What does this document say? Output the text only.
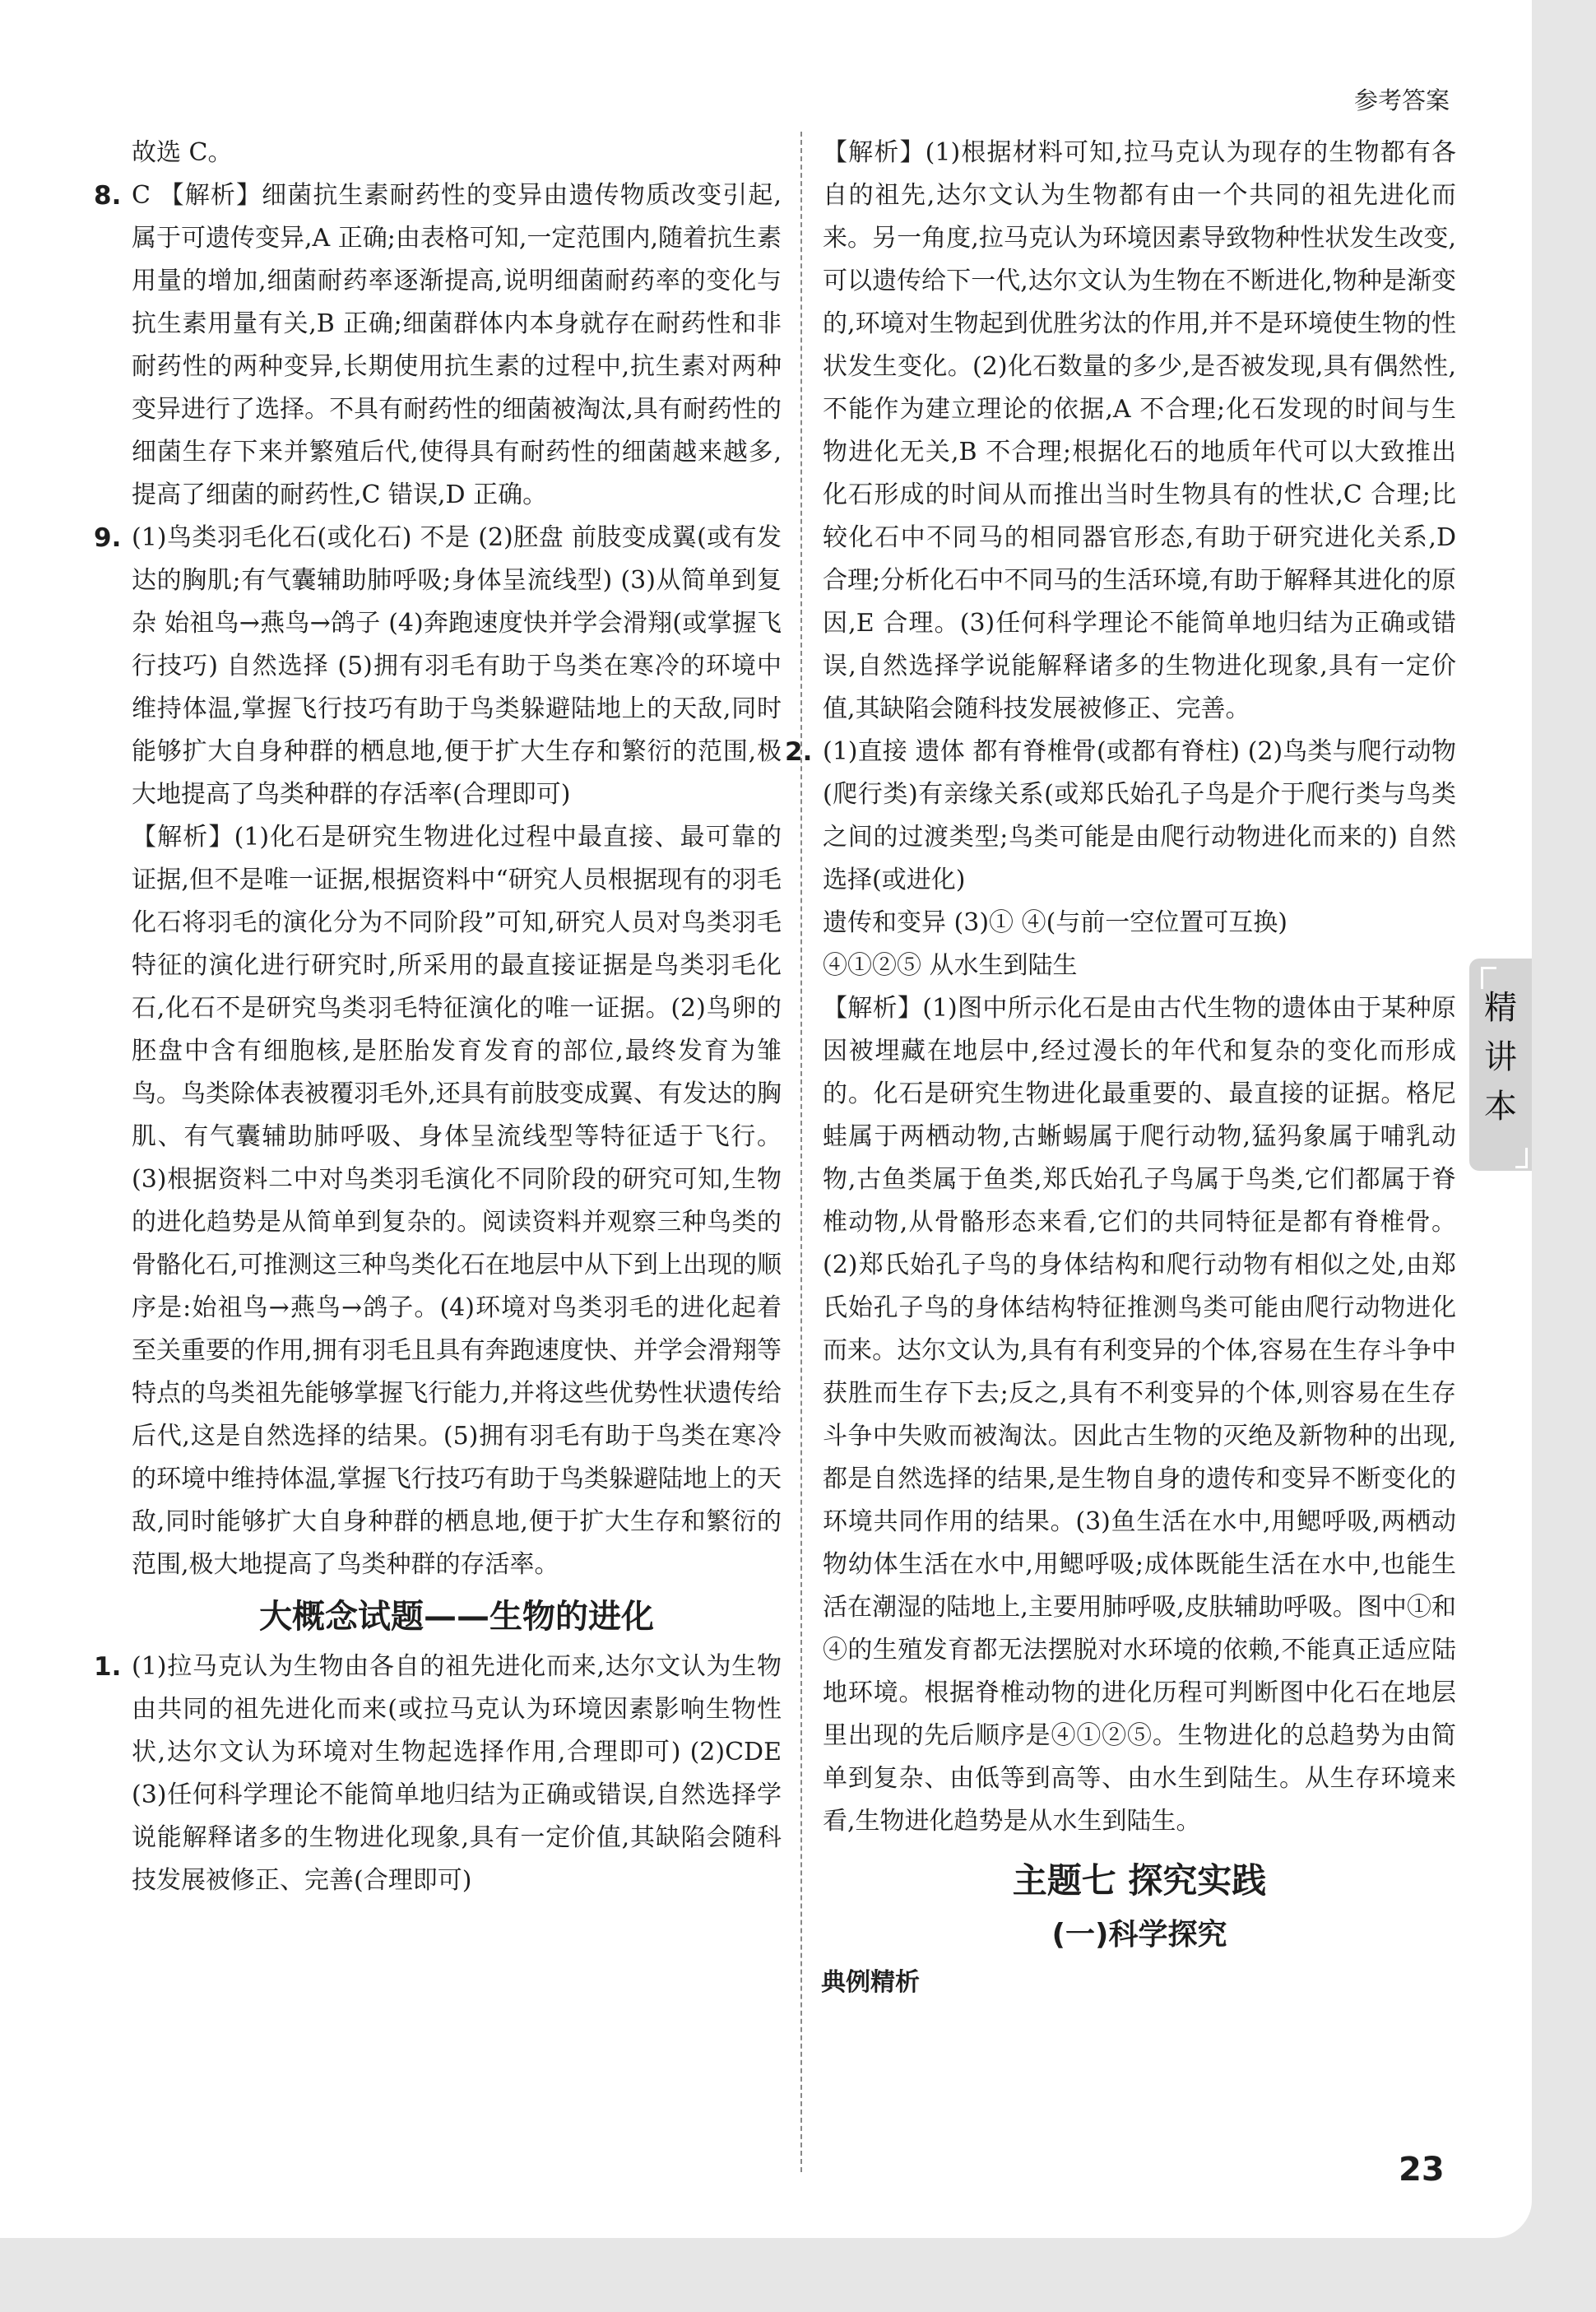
参考答案

故选 C。

8. C 【解析】细菌抗生素耐药性的变异由遗传物质改变引起,属于可遗传变异,A 正确;由表格可知,一定范围内,随着抗生素用量的增加,细菌耐药率逐渐提高,说明细菌耐药率的变化与抗生素用量有关,B 正确;细菌群体内本身就存在耐药性和非耐药性的两种变异,长期使用抗生素的过程中,抗生素对两种变异进行了选择。不具有耐药性的细菌被淘汰,具有耐药性的细菌生存下来并繁殖后代,使得具有耐药性的细菌越来越多,提高了细菌的耐药性,C 错误,D 正确。

9. (1)鸟类羽毛化石(或化石) 不是 (2)胚盘 前肢变成翼(或有发达的胸肌;有气囊辅助肺呼吸;身体呈流线型) (3)从简单到复杂 始祖鸟→燕鸟→鸽子 (4)奔跑速度快并学会滑翔(或掌握飞行技巧) 自然选择 (5)拥有羽毛有助于鸟类在寒冷的环境中维持体温,掌握飞行技巧有助于鸟类躲避陆地上的天敌,同时能够扩大自身种群的栖息地,便于扩大生存和繁衍的范围,极大地提高了鸟类种群的存活率(合理即可)

【解析】(1)化石是研究生物进化过程中最直接、最可靠的证据,但不是唯一证据,根据资料中“研究人员根据现有的羽毛化石将羽毛的演化分为不同阶段”可知,研究人员对鸟类羽毛特征的演化进行研究时,所采用的最直接证据是鸟类羽毛化石,化石不是研究鸟类羽毛特征演化的唯一证据。(2)鸟卵的胚盘中含有细胞核,是胚胎发育发育的部位,最终发育为雏鸟。鸟类除体表被覆羽毛外,还具有前肢变成翼、有发达的胸肌、有气囊辅助肺呼吸、身体呈流线型等特征适于飞行。(3)根据资料二中对鸟类羽毛演化不同阶段的研究可知,生物的进化趋势是从简单到复杂的。阅读资料并观察三种鸟类的骨骼化石,可推测这三种鸟类化石在地层中从下到上出现的顺序是:始祖鸟→燕鸟→鸽子。(4)环境对鸟类羽毛的进化起着至关重要的作用,拥有羽毛且具有奔跑速度快、并学会滑翔等特点的鸟类祖先能够掌握飞行能力,并将这些优势性状遗传给后代,这是自然选择的结果。(5)拥有羽毛有助于鸟类在寒冷的环境中维持体温,掌握飞行技巧有助于鸟类躲避陆地上的天敌,同时能够扩大自身种群的栖息地,便于扩大生存和繁衍的范围,极大地提高了鸟类种群的存活率。

大概念试题——生物的进化
1. (1)拉马克认为生物由各自的祖先进化而来,达尔文认为生物由共同的祖先进化而来(或拉马克认为环境因素影响生物性状,达尔文认为环境对生物起选择作用,合理即可) (2)CDE (3)任何科学理论不能简单地归结为正确或错误,自然选择学说能解释诸多的生物进化现象,具有一定价值,其缺陷会随科技发展被修正、完善(合理即可)

【解析】(1)根据材料可知,拉马克认为现存的生物都有各自的祖先,达尔文认为生物都有由一个共同的祖先进化而来。另一角度,拉马克认为环境因素导致物种性状发生改变,可以遗传给下一代,达尔文认为生物在不断进化,物种是渐变的,环境对生物起到优胜劣汰的作用,并不是环境使生物的性状发生变化。(2)化石数量的多少,是否被发现,具有偶然性,不能作为建立理论的依据,A 不合理;化石发现的时间与生物进化无关,B 不合理;根据化石的地质年代可以大致推出化石形成的时间从而推出当时生物具有的性状,C 合理;比较化石中不同马的相同器官形态,有助于研究进化关系,D 合理;分析化石中不同马的生活环境,有助于解释其进化的原因,E 合理。(3)任何科学理论不能简单地归结为正确或错误,自然选择学说能解释诸多的生物进化现象,具有一定价值,其缺陷会随科技发展被修正、完善。

2. (1)直接 遗体 都有脊椎骨(或都有脊柱) (2)鸟类与爬行动物(爬行类)有亲缘关系(或郑氏始孔子鸟是介于爬行类与鸟类之间的过渡类型;鸟类可能是由爬行动物进化而来的) 自然选择(或进化)

遗传和变异 (3)① ④(与前一空位置可互换)

④①②⑤ 从水生到陆生

【解析】(1)图中所示化石是由古代生物的遗体由于某种原因被埋藏在地层中,经过漫长的年代和复杂的变化而形成的。化石是研究生物进化最重要的、最直接的证据。格尼蛙属于两栖动物,古蜥蜴属于爬行动物,猛犸象属于哺乳动物,古鱼类属于鱼类,郑氏始孔子鸟属于鸟类,它们都属于脊椎动物,从骨骼形态来看,它们的共同特征是都有脊椎骨。(2)郑氏始孔子鸟的身体结构和爬行动物有相似之处,由郑氏始孔子鸟的身体结构特征推测鸟类可能由爬行动物进化而来。达尔文认为,具有有利变异的个体,容易在生存斗争中获胜而生存下去;反之,具有不利变异的个体,则容易在生存斗争中失败而被淘汰。因此古生物的灭绝及新物种的出现,都是自然选择的结果,是生物自身的遗传和变异不断变化的环境共同作用的结果。(3)鱼生活在水中,用鳃呼吸,两栖动物幼体生活在水中,用鳃呼吸;成体既能生活在水中,也能生活在潮湿的陆地上,主要用肺呼吸,皮肤辅助呼吸。图中①和④的生殖发育都无法摆脱对水环境的依赖,不能真正适应陆地环境。根据脊椎动物的进化历程可判断图中化石在地层里出现的先后顺序是④①②⑤。生物进化的总趋势为由简单到复杂、由低等到高等、由水生到陆生。从生存环境来看,生物进化趋势是从水生到陆生。

主题七 探究实践
(一)科学探究
典例精析
23
精
讲
本
